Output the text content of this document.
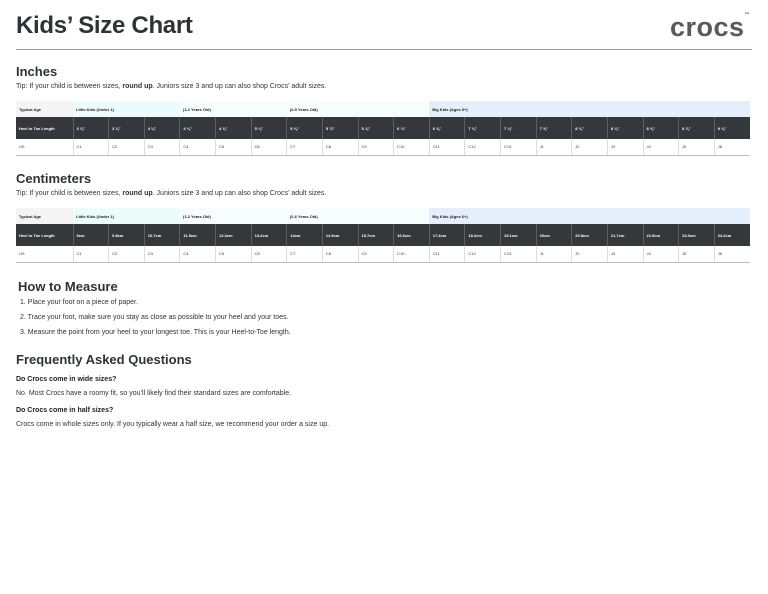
Kids’ Size Chart	crocs™
Inches
Tip: If your child is between sizes, round up. Juniors size 3 and up can also shop Crocs’ adult sizes.
Typical Age	Little Kids (Under 1)			(1-2 Years Old)			(2-5 Years Old)				Big Kids (Ages 5+)								
Heel to Toe Length	3 ⅞"	3 ⅞"	4 ⅛"	4 ⅛"	4 ⅜"	5 ⅛"	5 ⅜"	5 ¾"	5 ⅞"	6 ¼"	6 ⅝"	7 ⅛"	7 ⅛"	7 ⅝"	8 ⅛"	8 ⅛"	8 ⅝"	8 ⅞"	9 ⅛"
US	C1	C2	C3	C4	C5	C6	C7	C8	C9	C10	C11	C12	C13	J1	J2	J3	J4	J5	J6
Centimeters
Tip: If your child is between sizes, round up. Juniors size 3 and up can also shop Crocs’ adult sizes.
Typical Age	Little Kids (Under 1)			(1-2 Years Old)			(2-6 Years Old)				Big Kids (Ages 6+)								
Heel to Toe Length	9cm	9.8cm	10.7cm	11.5cm	12.3cm	13.2cm	14cm	14.9cm	15.7cm	16.6cm	17.4cm	18.2cm	19.1cm	20cm	20.8cm	21.7cm	22.5cm	23.3cm	24.2cm
US	C1	C2	C3	C4	C5	C6	C7	C8	C9	C10	C11	C12	C13	J1	J2	J3	J4	J5	J6
How to Measure
1. Place your foot on a piece of paper.
2. Trace your foot, make sure you stay as close as possible to your heel and your toes.
3. Measure the point from your heel to your longest toe. This is your Heel-to-Toe length.
Frequently Asked Questions
Do Crocs come in wide sizes?
No. Most Crocs have a roomy fit, so you’ll likely find their standard sizes are comfortable.
Do Crocs come in half sizes?
Crocs come in whole sizes only. If you typically wear a half size, we recommend your order a size up.
